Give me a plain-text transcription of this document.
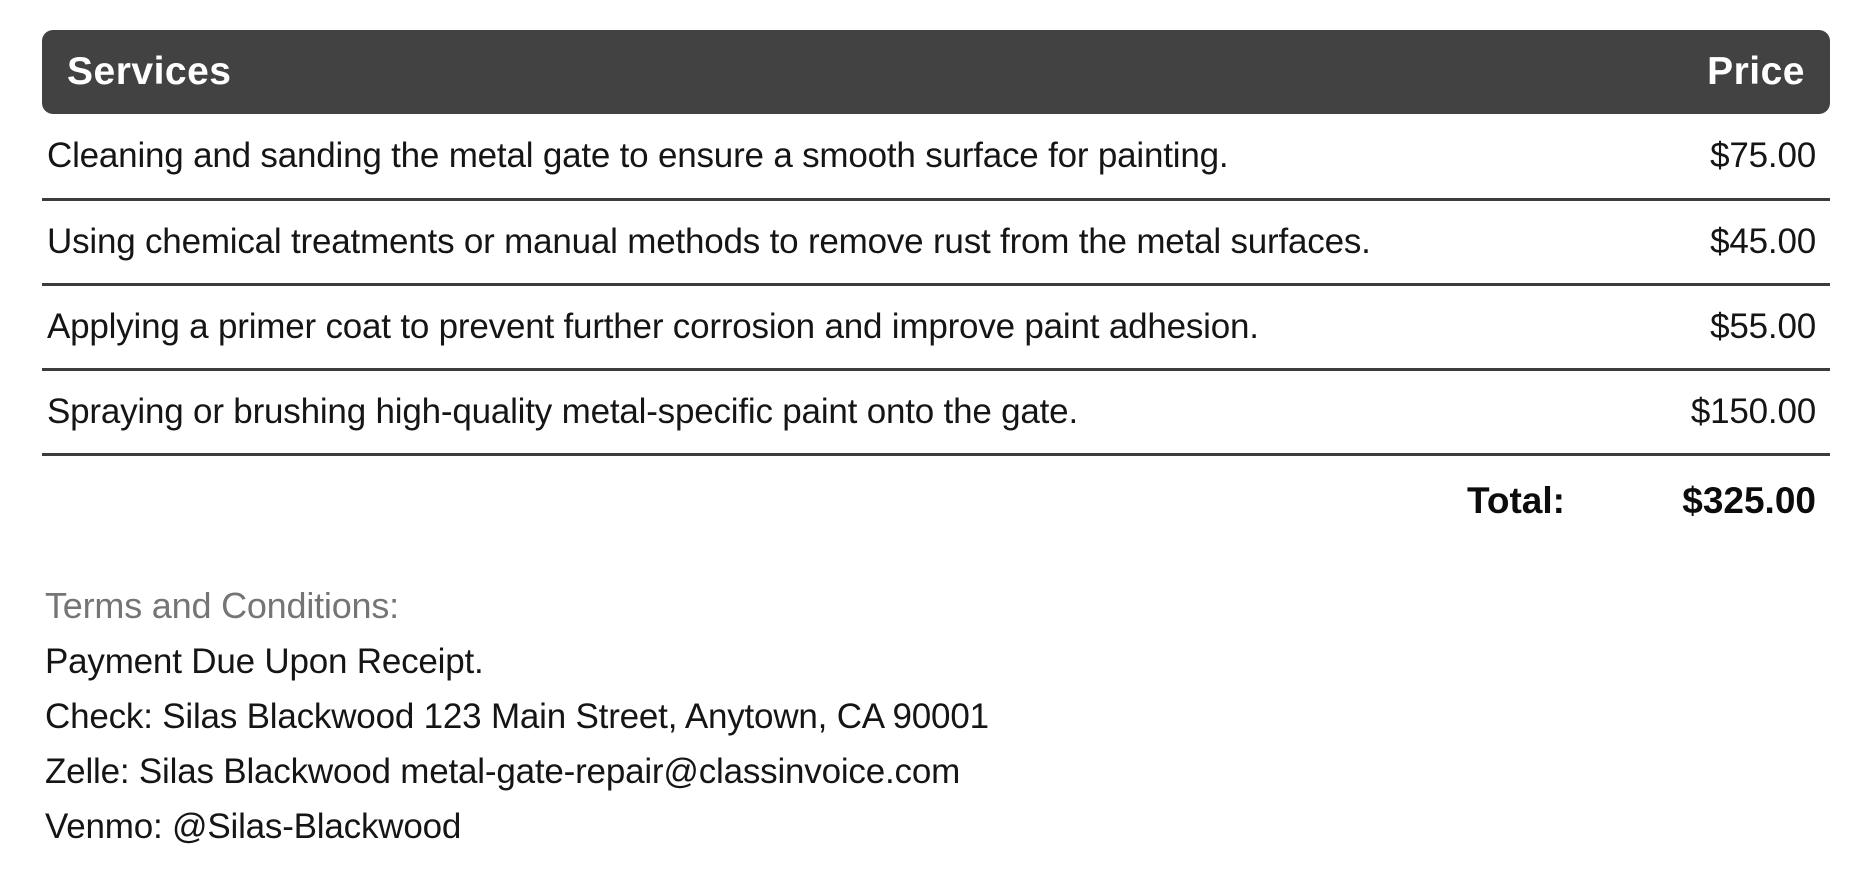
Services	Price
Cleaning and sanding the metal gate to ensure a smooth surface for painting.	$75.00
Using chemical treatments or manual methods to remove rust from the metal surfaces.	$45.00
Applying a primer coat to prevent further corrosion and improve paint adhesion.	$55.00
Spraying or brushing high-quality metal-specific paint onto the gate.	$150.00
Total:	$325.00
Terms and Conditions:
Payment Due Upon Receipt.
Check: Silas Blackwood 123 Main Street, Anytown, CA 90001
Zelle: Silas Blackwood metal-gate-repair@classinvoice.com
Venmo: @Silas-Blackwood
